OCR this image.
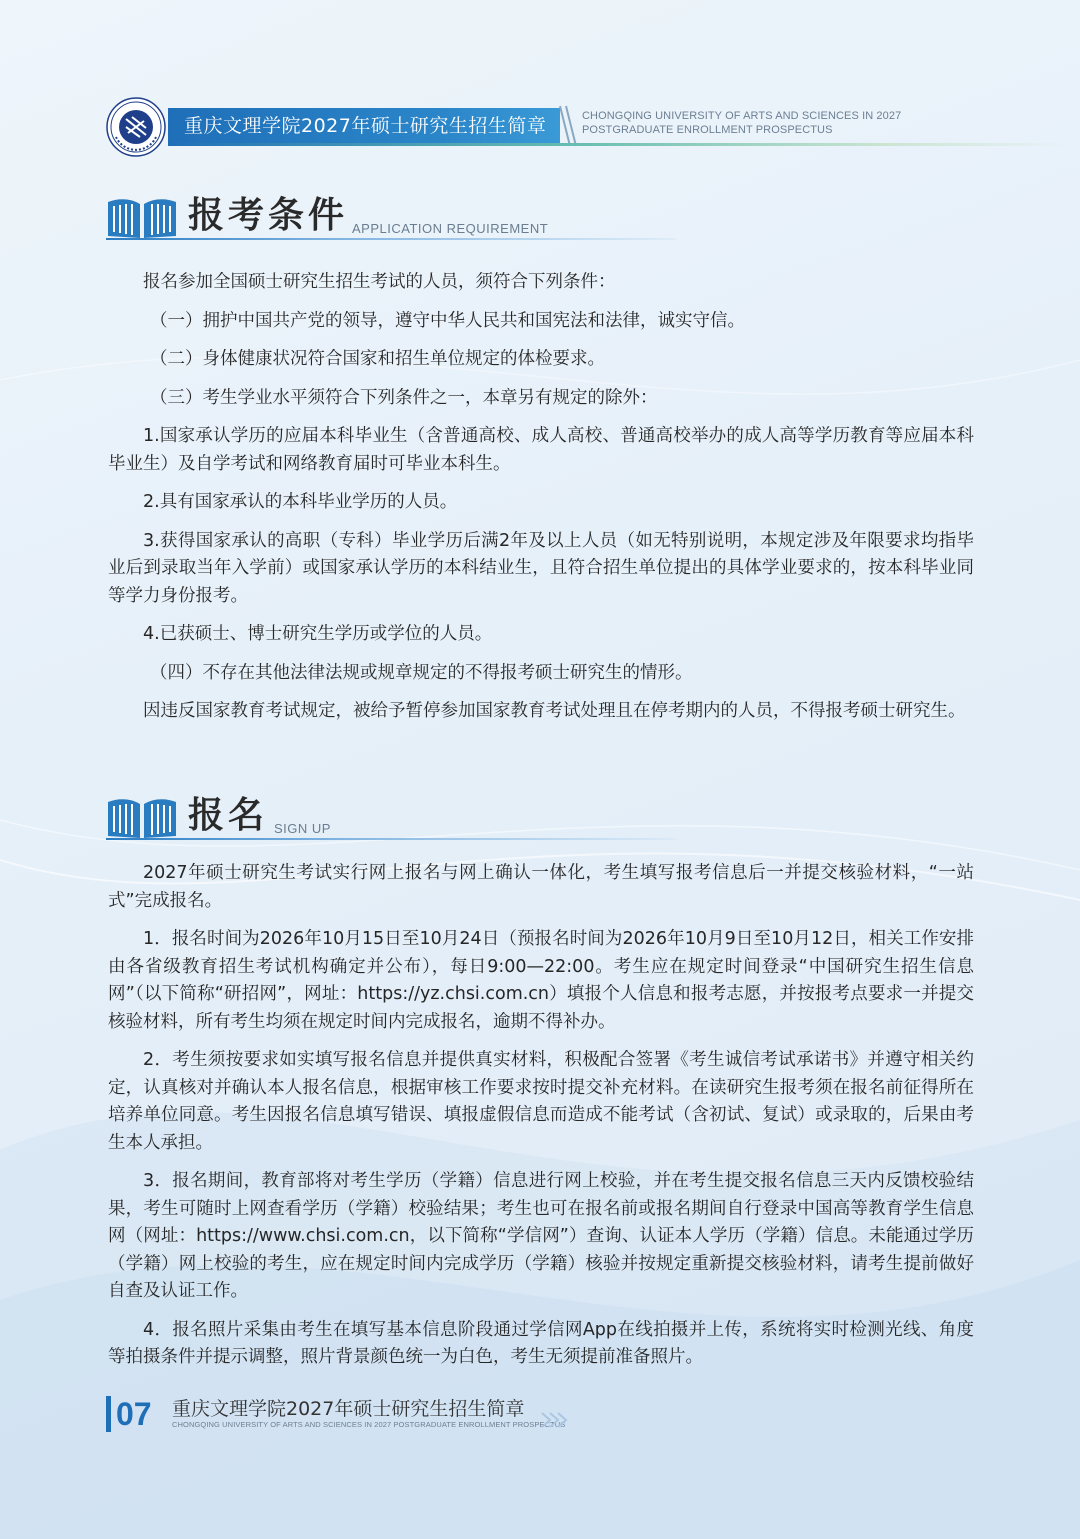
重庆文理学院2027年硕士研究生招生简章	CHONGQING UNIVERSITY OF ARTS AND SCIENCES IN 2027
POSTGRADUATE ENROLLMENT PROSPECTUS
报考条件 APPLICATION REQUIREMENT

报名参加全国硕士研究生招生考试的人员，须符合下列条件：

（一）拥护中国共产党的领导，遵守中华人民共和国宪法和法律，诚实守信。

（二）身体健康状况符合国家和招生单位规定的体检要求。

（三）考生学业水平须符合下列条件之一，本章另有规定的除外：

1.国家承认学历的应届本科毕业生（含普通高校、成人高校、普通高校举办的成人高等学历教育等应届本科毕业生）及自学考试和网络教育届时可毕业本科生。

2.具有国家承认的本科毕业学历的人员。

3.获得国家承认的高职（专科）毕业学历后满2年及以上人员（如无特别说明，本规定涉及年限要求均指毕业后到录取当年入学前）或国家承认学历的本科结业生，且符合招生单位提出的具体学业要求的，按本科毕业同等学力身份报考。

4.已获硕士、博士研究生学历或学位的人员。

（四）不存在其他法律法规或规章规定的不得报考硕士研究生的情形。

因违反国家教育考试规定，被给予暂停参加国家教育考试处理且在停考期内的人员，不得报考硕士研究生。

报名 SIGN UP

2027年硕士研究生考试实行网上报名与网上确认一体化，考生填写报考信息后一并提交核验材料，“一站式”完成报名。

1．报名时间为2026年10月15日至10月24日（预报名时间为2026年10月9日至10月12日，相关工作安排由各省级教育招生考试机构确定并公布），每日9:00—22:00。考生应在规定时间登录“中国研究生招生信息网”（以下简称“研招网”，网址：https://yz.chsi.com.cn）填报个人信息和报考志愿，并按报考点要求一并提交核验材料，所有考生均须在规定时间内完成报名，逾期不得补办。

2．考生须按要求如实填写报名信息并提供真实材料，积极配合签署《考生诚信考试承诺书》并遵守相关约定，认真核对并确认本人报名信息，根据审核工作要求按时提交补充材料。在读研究生报考须在报名前征得所在培养单位同意。考生因报名信息填写错误、填报虚假信息而造成不能考试（含初试、复试）或录取的，后果由考生本人承担。

3．报名期间，教育部将对考生学历（学籍）信息进行网上校验，并在考生提交报名信息三天内反馈校验结果，考生可随时上网查看学历（学籍）校验结果；考生也可在报名前或报名期间自行登录中国高等教育学生信息网（网址：https://www.chsi.com.cn，以下简称“学信网”）查询、认证本人学历（学籍）信息。未能通过学历（学籍）网上校验的考生，应在规定时间内完成学历（学籍）核验并按规定重新提交核验材料，请考生提前做好自查及认证工作。

4．报名照片采集由考生在填写基本信息阶段通过学信网App在线拍摄并上传，系统将实时检测光线、角度等拍摄条件并提示调整，照片背景颜色统一为白色，考生无须提前准备照片。

07 重庆文理学院2027年硕士研究生招生简章
CHONGQING UNIVERSITY OF ARTS AND SCIENCES IN 2027 POSTGRADUATE ENROLLMENT PROSPECTUS
